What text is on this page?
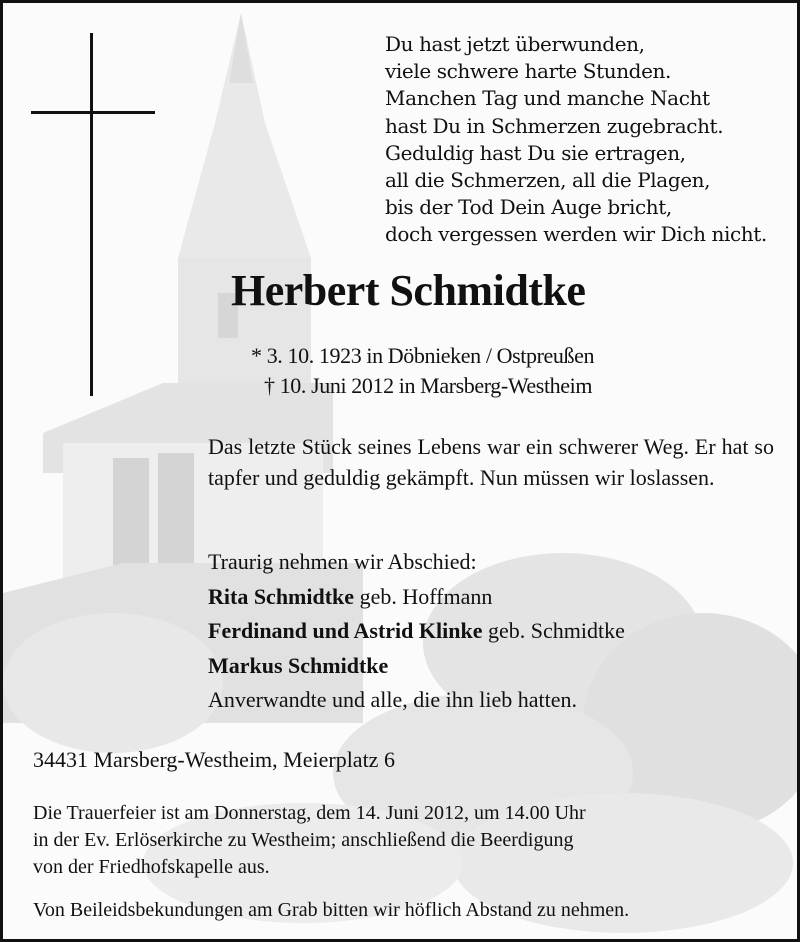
Du hast jetzt überwunden,
viele schwere harte Stunden.
Manchen Tag und manche Nacht
hast Du in Schmerzen zugebracht.
Geduldig hast Du sie ertragen,
all die Schmerzen, all die Plagen,
bis der Tod Dein Auge bricht,
doch vergessen werden wir Dich nicht.
Herbert Schmidtke
* 3. 10. 1923 in Döbnieken / Ostpreußen
† 10. Juni 2012 in Marsberg-Westheim
Das letzte Stück seines Lebens war ein schwerer Weg. Er hat so tapfer und geduldig gekämpft. Nun müssen wir loslassen.
Traurig nehmen wir Abschied:
Rita Schmidtke geb. Hoffmann
Ferdinand und Astrid Klinke geb. Schmidtke
Markus Schmidtke
Anverwandte und alle, die ihn lieb hatten.
34431 Marsberg-Westheim, Meierplatz 6
Die Trauerfeier ist am Donnerstag, dem 14. Juni 2012, um 14.00 Uhr
in der Ev. Erlöserkirche zu Westheim; anschließend die Beerdigung
von der Friedhofskapelle aus.
Von Beileidsbekundungen am Grab bitten wir höflich Abstand zu nehmen.
